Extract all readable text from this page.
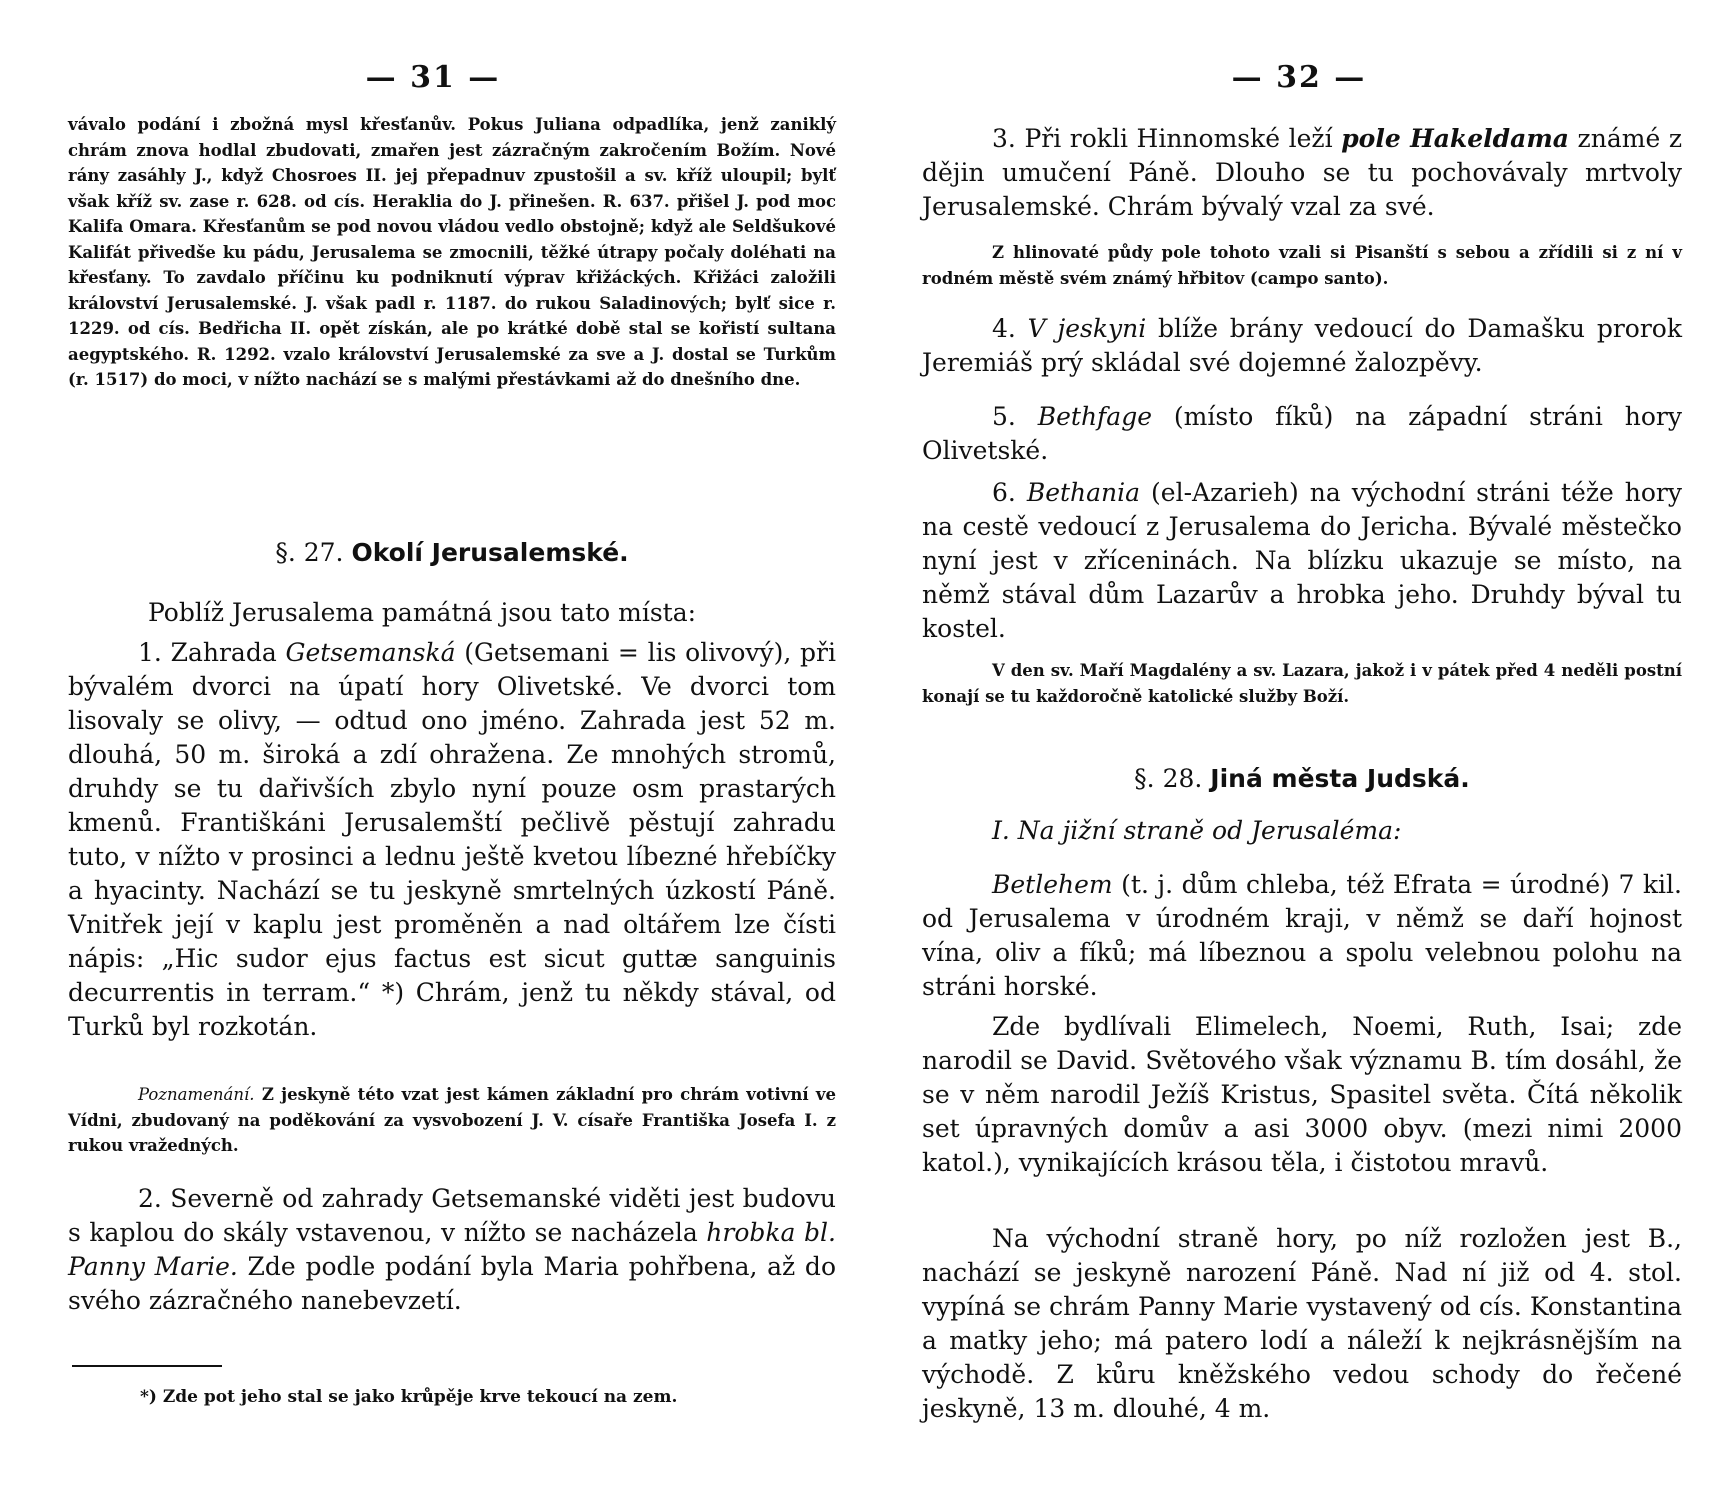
— 31 —
vávalo podání i zbožná mysl křesťanův. Pokus Juliana odpadlíka, jenž zaniklý chrám znova hodlal zbudovati, zmařen jest zázračným zakročením Božím. Nové rány zasáhly J., když Chosroes II. jej přepadnuv zpustošil a sv. kříž uloupil; bylť však kříž sv. zase r. 628. od cís. Heraklia do J. přinešen. R. 637. přišel J. pod moc Kalifa Omara. Křesťanům se pod novou vládou vedlo obstojně; když ale Seldšukové Kalifát přivedše ku pádu, Jerusalema se zmocnili, těžké útrapy počaly doléhati na křesťany. To zavdalo příčinu ku podniknutí výprav křižáckých. Křižáci založili království Jerusalemské. J. však padl r. 1187. do rukou Saladinových; bylť sice r. 1229. od cís. Bedřicha II. opět získán, ale po krátké době stal se kořistí sultana aegyptského. R. 1292. vzalo království Jerusalemské za sve a J. dostal se Turkům (r. 1517) do moci, v nížto nachází se s malými přestávkami až do dnešního dne.
§. 27. Okolí Jerusalemské.
Poblíž Jerusalema památná jsou tato místa:
1. Zahrada Getsemanská (Getsemani = lis olivový), při bývalém dvorci na úpatí hory Olivetské. Ve dvorci tom lisovaly se olivy, — odtud ono jméno. Zahrada jest 52 m. dlouhá, 50 m. široká a zdí ohražena. Ze mnohých stromů, druhdy se tu dařivších zbylo nyní pouze osm prastarých kmenů. Františkáni Jerusalemští pečlivě pěstují zahradu tuto, v nížto v prosinci a lednu ještě kvetou líbezné hřebíčky a hyacinty. Nachází se tu jeskyně smrtelných úzkostí Páně. Vnitřek její v kaplu jest proměněn a nad oltářem lze čísti nápis: „Hic sudor ejus factus est sicut guttæ sanguinis decurrentis in terram.“ *) Chrám, jenž tu někdy stával, od Turků byl rozkotán.
Poznamenání. Z jeskyně této vzat jest kámen základní pro chrám votivní ve Vídni, zbudovaný na poděkování za vysvobození J. V. císaře Františka Josefa I. z rukou vražedných.
2. Severně od zahrady Getsemanské viděti jest budovu s kaplou do skály vstavenou, v nížto se nacházela hrobka bl. Panny Marie. Zde podle podání byla Maria pohřbena, až do svého zázračného nanebevzetí.
*) Zde pot jeho stal se jako krůpěje krve tekoucí na zem.
— 32 —
3. Při rokli Hinnomské leží pole Hakeldama známé z dějin umučení Páně. Dlouho se tu pochovávaly mrtvoly Jerusalemské. Chrám bývalý vzal za své.
Z hlinovaté půdy pole tohoto vzali si Pisanští s sebou a zřídili si z ní v rodném městě svém známý hřbitov (campo santo).
4. V jeskyni blíže brány vedoucí do Damašku prorok Jeremiáš prý skládal své dojemné žalozpěvy.
5. Bethfage (místo fíků) na západní stráni hory Olivetské.
6. Bethania (el-Azarieh) na východní stráni téže hory na cestě vedoucí z Jerusalema do Jericha. Bývalé městečko nyní jest v zříceninách. Na blízku ukazuje se místo, na němž stával dům Lazarův a hrobka jeho. Druhdy býval tu kostel.
V den sv. Maří Magdalény a sv. Lazara, jakož i v pátek před 4 neděli postní konají se tu každoročně katolické služby Boží.
§. 28. Jiná města Judská.
I. Na jižní straně od Jerusaléma:
Betlehem (t. j. dům chleba, též Efrata = úrodné) 7 kil. od Jerusalema v úrodném kraji, v němž se daří hojnost vína, oliv a fíků; má líbeznou a spolu velebnou polohu na stráni horské.
Zde bydlívali Elimelech, Noemi, Ruth, Isai; zde narodil se David. Světového však významu B. tím dosáhl, že se v něm narodil Ježíš Kristus, Spasitel světa. Čítá několik set úpravných domův a asi 3000 obyv. (mezi nimi 2000 katol.), vynikajících krásou těla, i čistotou mravů.
Na východní straně hory, po níž rozložen jest B., nachází se jeskyně narození Páně. Nad ní již od 4. stol. vypíná se chrám Panny Marie vystavený od cís. Konstantina a matky jeho; má patero lodí a náleží k nejkrásnějším na východě. Z kůru kněžského vedou schody do řečené jeskyně, 13 m. dlouhé, 4 m.
